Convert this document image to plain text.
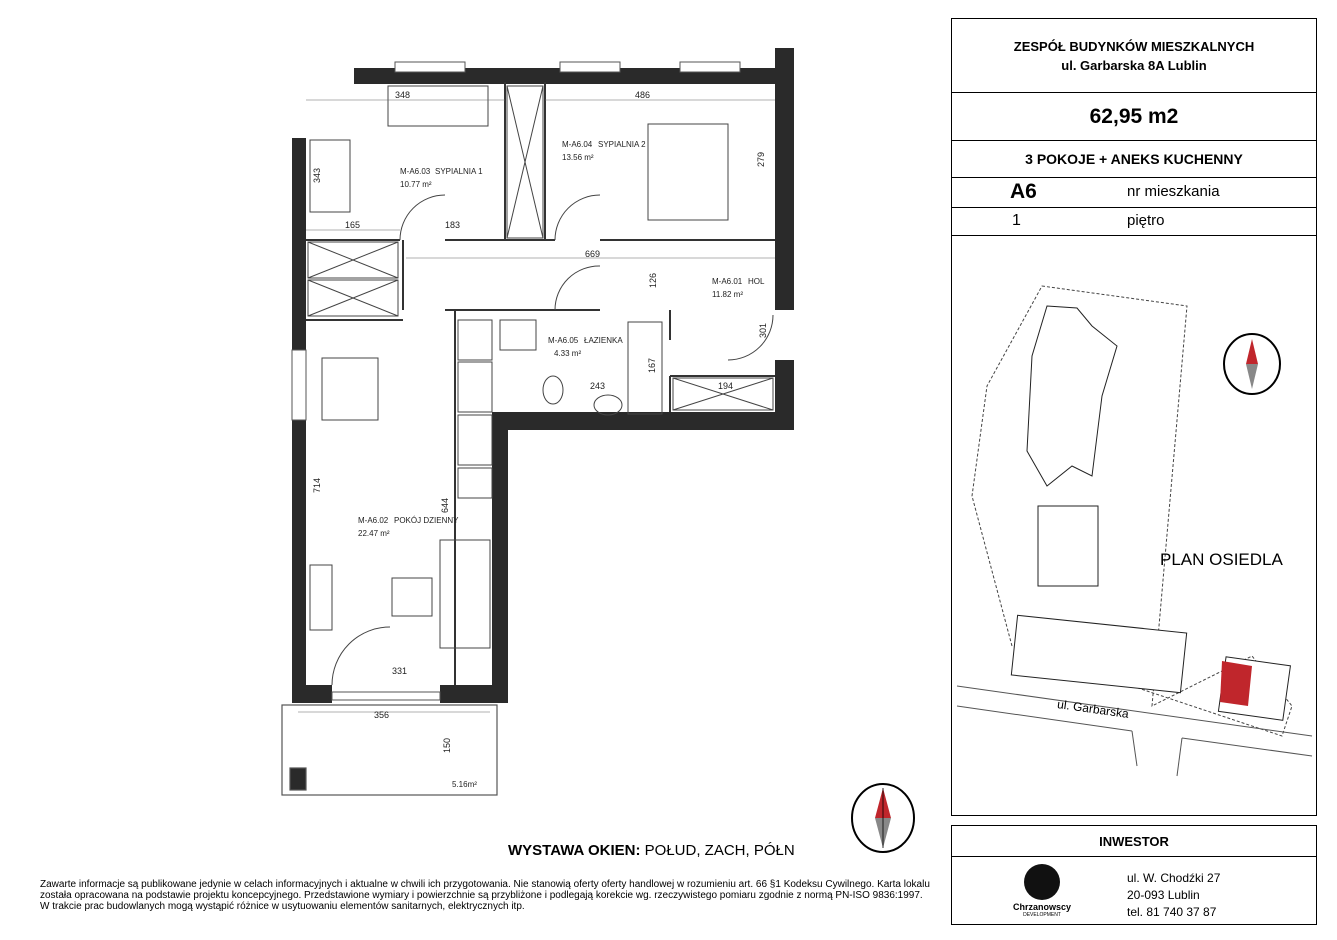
M-A6.03 SYPIALNIA 1
10.77 m²
M-A6.04 SYPIALNIA 2
13.56 m²
M-A6.01 HOL
11.82 m²
M-A6.05 ŁAZIENKA
4.33 m²
M-A6.02 POKÓJ DZIENNY
22.47 m²
5.16m²
348	486
343
279
165	183
669
126
301
167
243	194
714
644
331
356
150
WYSTAWA OKIEN: POŁUD, ZACH, PÓŁN
Zawarte informacje są publikowane jedynie w celach informacyjnych i aktualne w chwili ich przygotowania. Nie stanowią oferty oferty handlowej w rozumieniu art. 66 §1 Kodeksu Cywilnego. Karta lokalu
została opracowana na podstawie projektu koncepcyjnego. Przedstawione wymiary i powierzchnie są przybliżone i podlegają korekcie wg. rzeczywistego pomiaru zgodnie z normą PN-ISO 9836:1997.
W trakcie prac budowlanych mogą wystąpić różnice w usytuowaniu elementów sanitarnych, elektrycznych itp.
ZESPÓŁ BUDYNKÓW MIESZKALNYCH
ul. Garbarska 8A Lublin
62,95 m2
3 POKOJE + ANEKS KUCHENNY
A6	nr mieszkania
1	piętro
PLAN OSIEDLA
ul. Garbarska
INWESTOR
Chrzanowscy
DEVELOPMENT
ul. W. Chodźki 27
20-093 Lublin
tel. 81 740 37 87
